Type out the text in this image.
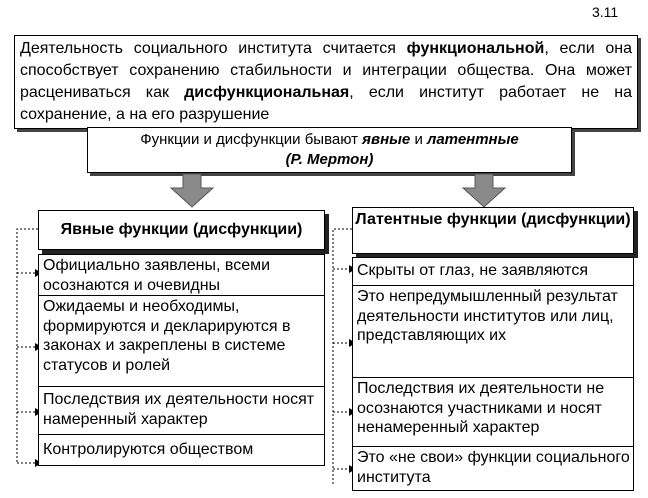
3.11
Деятельность социального института считается функциональной, если она способствует сохранению стабильности и интеграции общества. Она может расцениваться как дисфункциональная, если институт работает не на сохранение, а на его разрушение
Функции и дисфункции бывают явные и латентные
(Р. Мертон)
Явные функции (дисфункции)
Официально заявлены, всеми осознаются и очевидны
Ожидаемы и необходимы, формируются и декларируются в законах и закреплены в системе статусов и ролей
Последствия их деятельности носят намеренный характер
Контролируются обществом
Латентные функции (дисфункции)
Скрыты от глаз, не заявляются
Это непредумышленный результат деятельности институтов или лиц, представляющих их
Последствия их деятельности не осознаются участниками и носят ненамеренный характер
Это «не свои» функции социального института
